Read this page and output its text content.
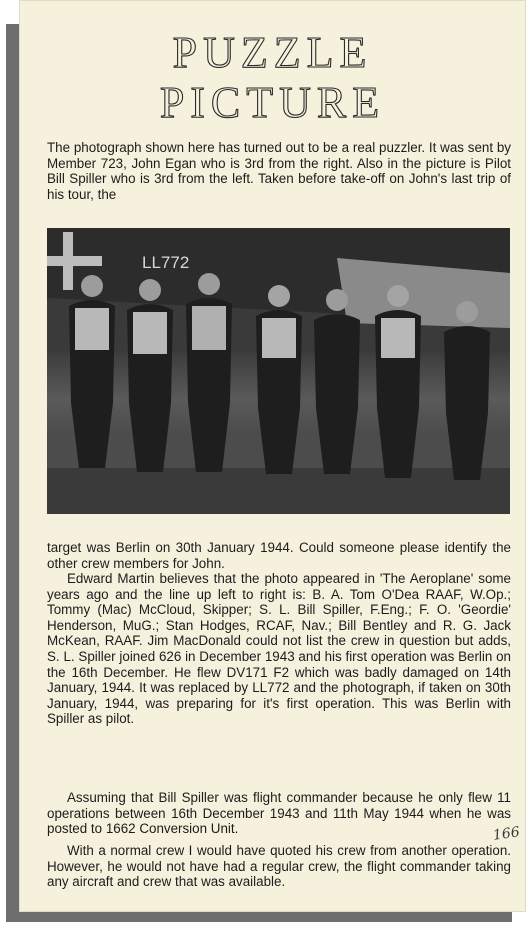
PUZZLE
PICTURE

The photograph shown here has turned out to be a real puzzler. It was sent by Member 723, John Egan who is 3rd from the right. Also in the picture is Pilot Bill Spiller who is 3rd from the left. Taken before take-off on John's last trip of his tour, the

LL772

target was Berlin on 30th January 1944. Could someone please identify the other crew members for John.

Edward Martin believes that the photo appeared in 'The Aeroplane' some years ago and the line up left to right is: B. A. Tom O'Dea RAAF, W.Op.; Tommy (Mac) McCloud, Skipper; S. L. Bill Spiller, F.Eng.; F. O. 'Geordie' Henderson, MuG.; Stan Hodges, RCAF, Nav.; Bill Bentley and R. G. Jack McKean, RAAF. Jim MacDonald could not list the crew in question but adds, S. L. Spiller joined 626 in December 1943 and his first operation was Berlin on the 16th December. He flew DV171 F2 which was badly damaged on 14th January, 1944. It was replaced by LL772 and the photograph, if taken on 30th January, 1944, was preparing for it's first operation. This was Berlin with Spiller as pilot.

Assuming that Bill Spiller was flight commander because he only flew 11 operations between 16th December 1943 and 11th May 1944 when he was posted to 1662 Conversion Unit.

With a normal crew I would have quoted his crew from another operation. However, he would not have had a regular crew, the flight commander taking any aircraft and crew that was available.

166
